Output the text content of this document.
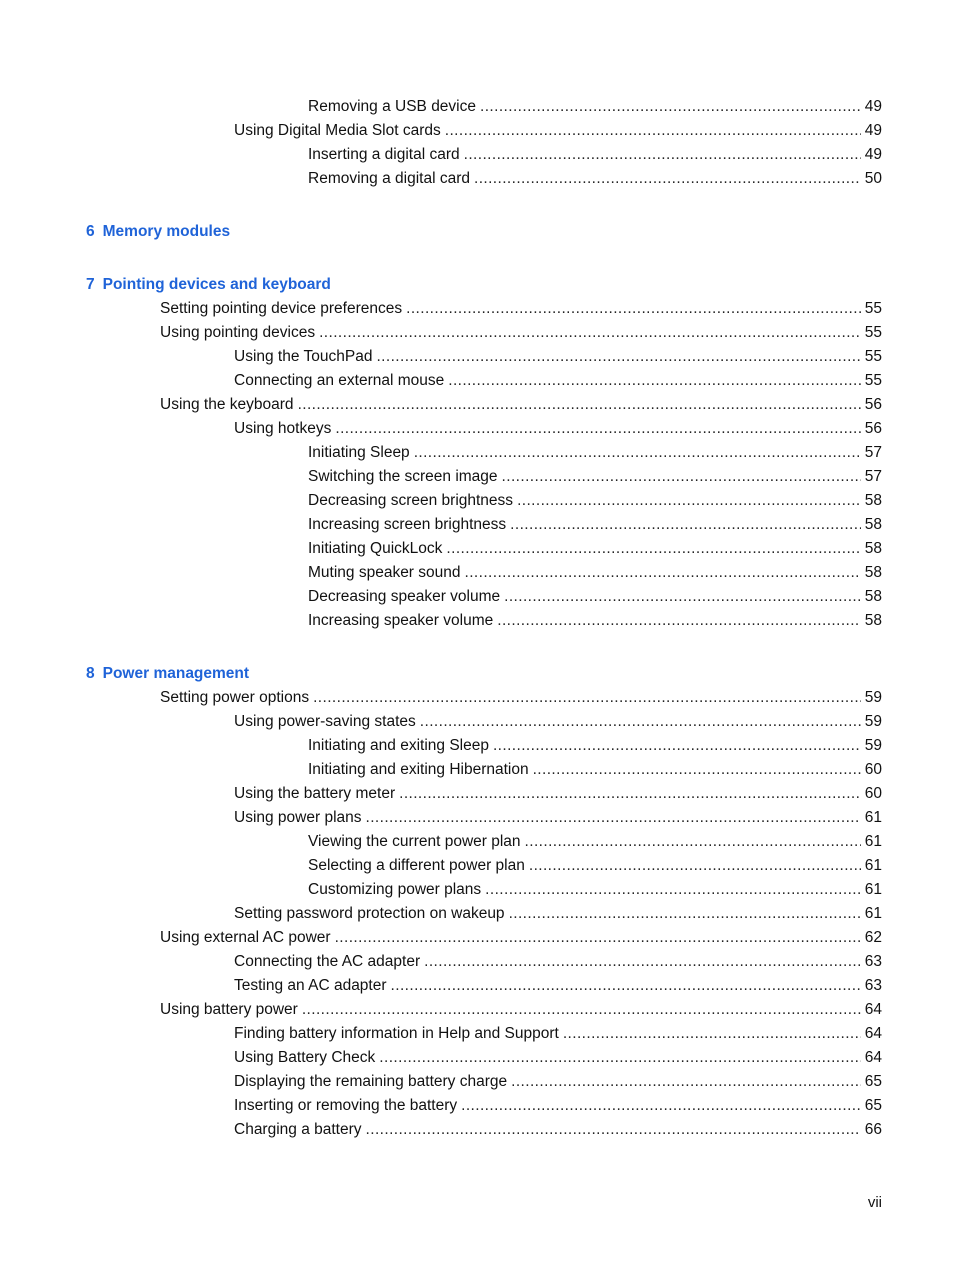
Removing a USB device .....	49
Using Digital Media Slot cards .....	49
Inserting a digital card .....	49
Removing a digital card .....	50
6 Memory modules
7 Pointing devices and keyboard
Setting pointing device preferences .....	55
Using pointing devices .....	55
Using the TouchPad .....	55
Connecting an external mouse .....	55
Using the keyboard .....	56
Using hotkeys .....	56
Initiating Sleep .....	57
Switching the screen image .....	57
Decreasing screen brightness .....	58
Increasing screen brightness .....	58
Initiating QuickLock .....	58
Muting speaker sound .....	58
Decreasing speaker volume .....	58
Increasing speaker volume .....	58
8 Power management
Setting power options .....	59
Using power-saving states .....	59
Initiating and exiting Sleep .....	59
Initiating and exiting Hibernation .....	60
Using the battery meter .....	60
Using power plans .....	61
Viewing the current power plan .....	61
Selecting a different power plan .....	61
Customizing power plans .....	61
Setting password protection on wakeup .....	61
Using external AC power .....	62
Connecting the AC adapter .....	63
Testing an AC adapter .....	63
Using battery power .....	64
Finding battery information in Help and Support .....	64
Using Battery Check .....	64
Displaying the remaining battery charge .....	65
Inserting or removing the battery .....	65
Charging a battery .....	66
vii
